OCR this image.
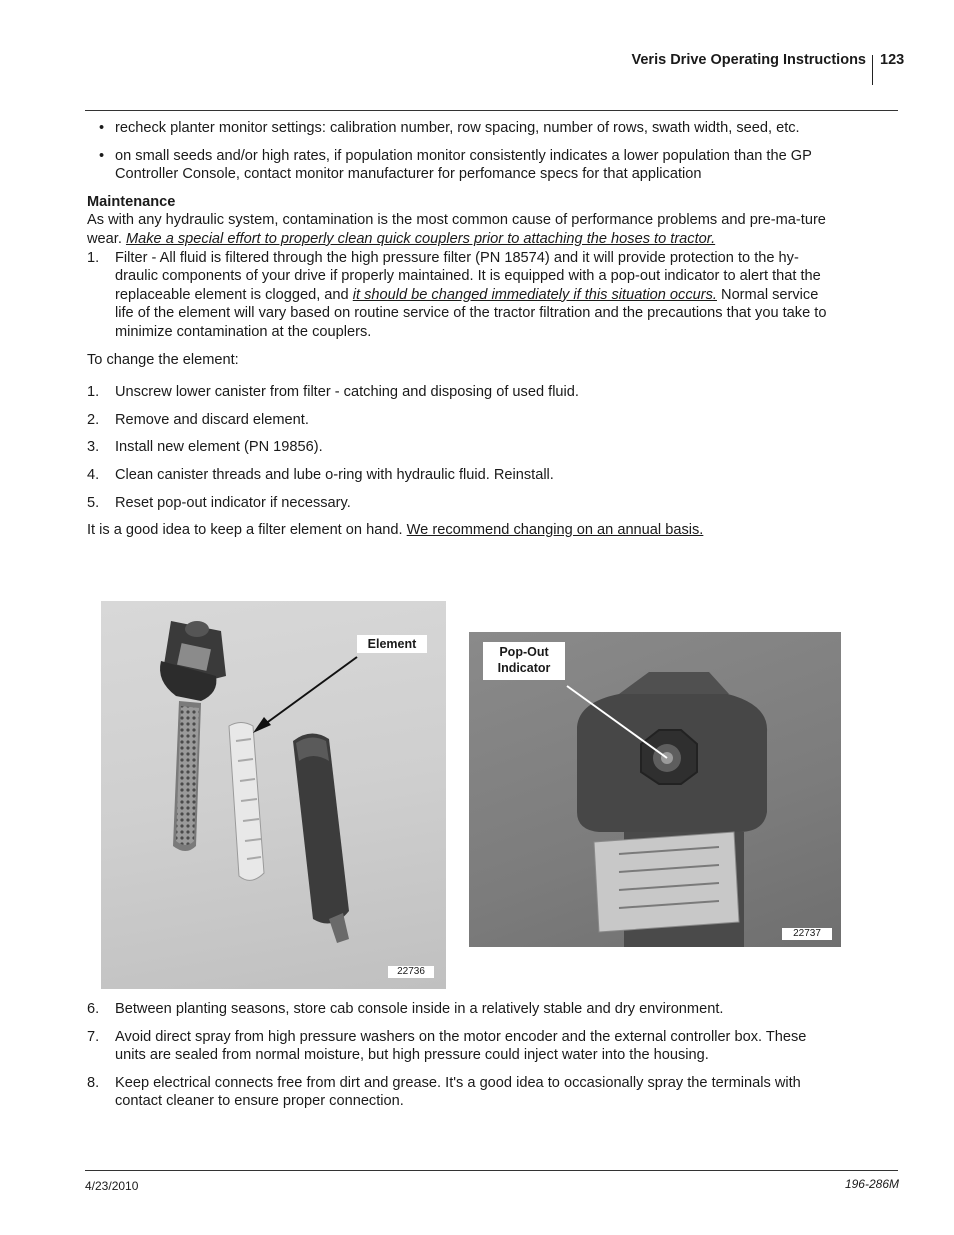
Veris Drive Operating Instructions 123
• recheck planter monitor settings: calibration number, row spacing, number of rows, swath width, seed, etc.
• on small seeds and/or high rates, if population monitor consistently indicates a lower population than the GP Controller Console, contact monitor manufacturer for perfomance specs for that application

Maintenance

As with any hydraulic system, contamination is the most common cause of performance problems and pre-ma-ture wear. Make a special effort to properly clean quick couplers prior to attaching the hoses to tractor.

1. Filter - All fluid is filtered through the high pressure filter (PN 18574) and it will provide protection to the hy-draulic components of your drive if properly maintained. It is equipped with a pop-out indicator to alert that the replaceable element is clogged, and it should be changed immediately if this situation occurs. Normal service life of the element will vary based on routine service of the tractor filtration and the precautions that you take to minimize contamination at the couplers.

To change the element:

1. Unscrew lower canister from filter - catching and disposing of used fluid.
2. Remove and discard element.
3. Install new element (PN 19856).
4. Clean canister threads and lube o-ring with hydraulic fluid. Reinstall.
5. Reset pop-out indicator if necessary.

It is a good idea to keep a filter element on hand. We recommend changing on an annual basis.

Element
22736
Pop-Out
Indicator
22737
6. Between planting seasons, store cab console inside in a relatively stable and dry environment.
7. Avoid direct spray from high pressure washers on the motor encoder and the external controller box. These units are sealed from normal moisture, but high pressure could inject water into the housing.
8. Keep electrical connects free from dirt and grease. It's a good idea to occasionally spray the terminals with contact cleaner to ensure proper connection.
4/23/2010	196-286M
